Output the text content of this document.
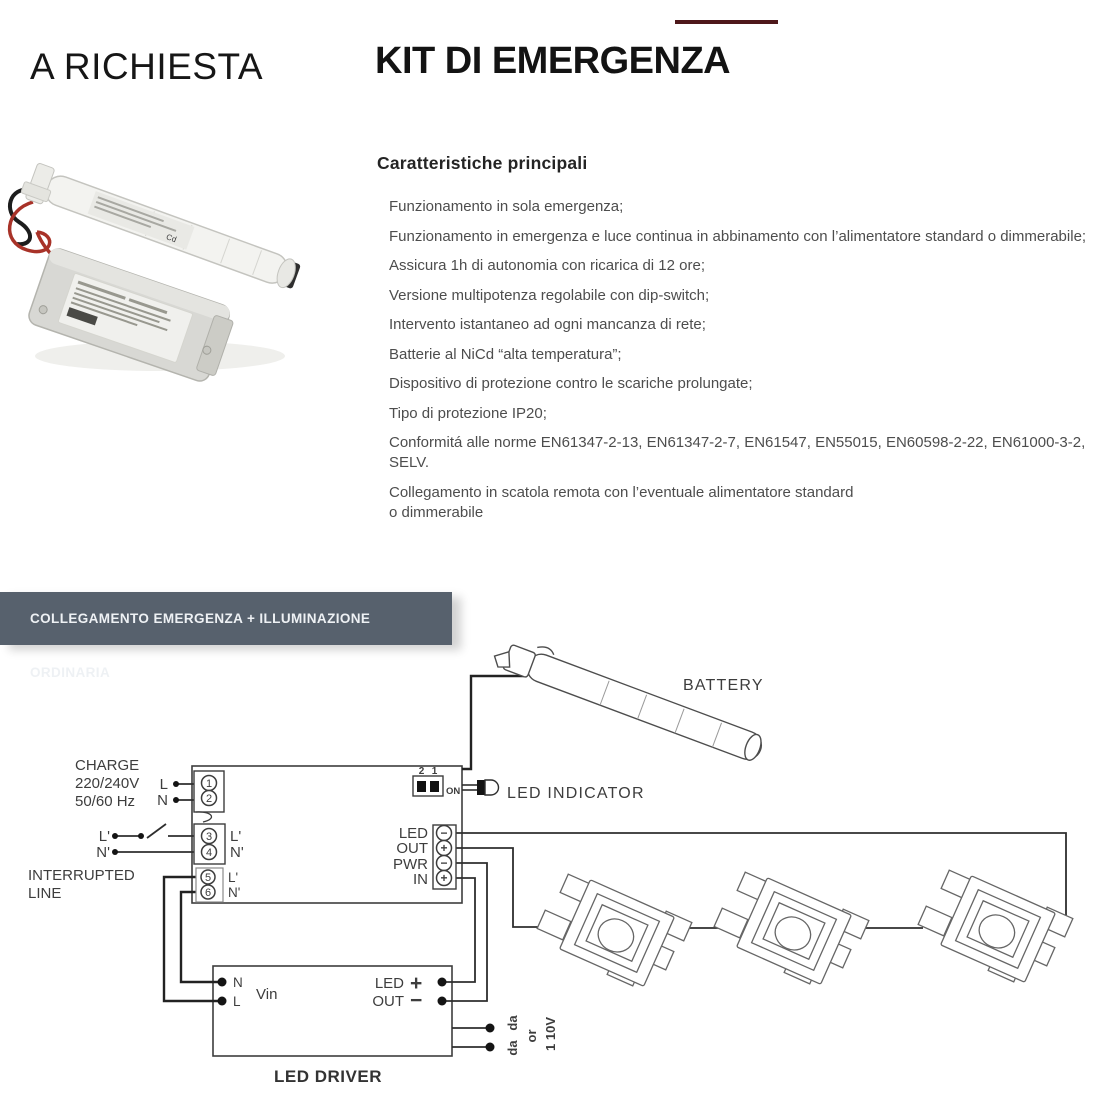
A RICHIESTA	KIT DI EMERGENZA
Cd
Caratteristiche principali

Funzionamento in sola emergenza;

Funzionamento in emergenza e luce continua in abbinamento con l’alimentatore standard o dimmerabile;

Assicura 1h di autonomia con ricarica di 12 ore;

Versione multipotenza regolabile con dip-switch;

Intervento istantaneo ad ogni mancanza di rete;

Batterie al NiCd “alta temperatura”;

Dispositivo di protezione contro le scariche prolungate;

Tipo di protezione IP20;

Conformitá alle norme EN61347-2-13, EN61347-2-7, EN61547, EN55015, EN60598-2-22, EN61000-3-2, SELV.

Collegamento in scatola remota con l’eventuale alimentatore standard o dimmerabile

COLLEGAMENTO EMERGENZA + ILLUMINAZIONE ORDINARIA
BATTERY
CHARGE
220/240V
50/60 Hz
L
N
L'
N'
INTERRUPTED
LINE
1
2
3
4
5
6
L'
N'
L'
N'
2 1
ON	LED INDICATOR
LED
OUT
PWR
IN
−
+
−
+
N
L Vin
LED
OUT
+
−
LED DRIVER
da
da
or 1 10V
